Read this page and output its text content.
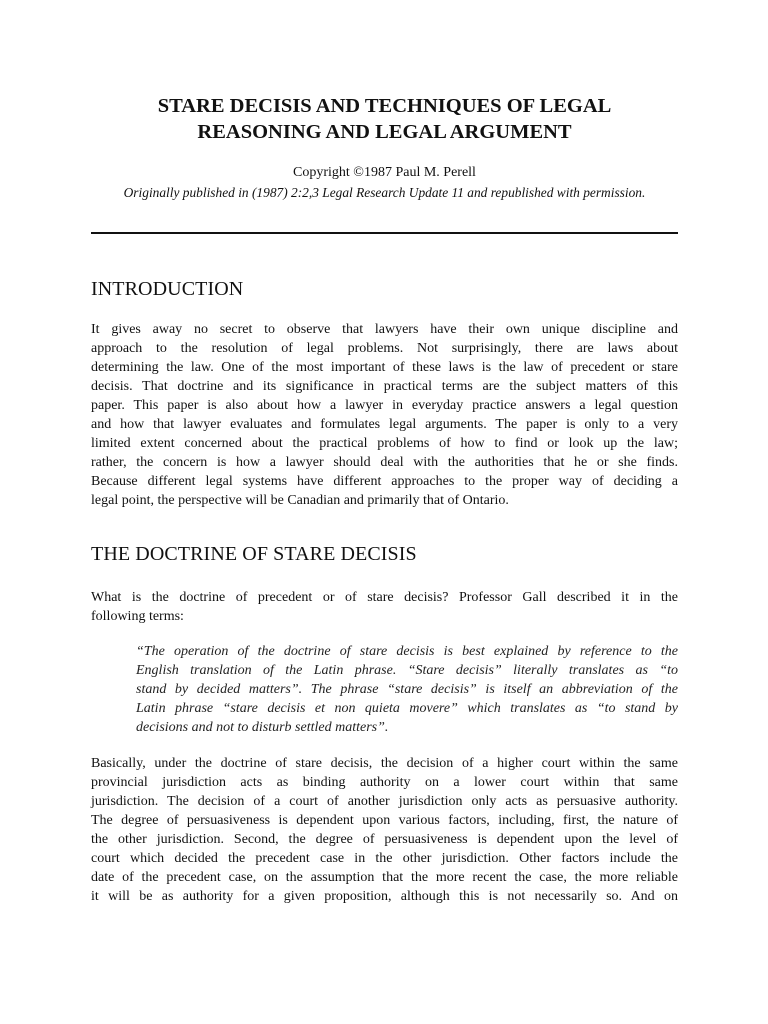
STARE DECISIS AND TECHNIQUES OF LEGAL
REASONING AND LEGAL ARGUMENT
Copyright ©1987 Paul M. Perell
Originally published in (1987) 2:2,3 Legal Research Update 11 and republished with permission.
INTRODUCTION

It gives away no secret to observe that lawyers have their own unique discipline and
approach to the resolution of legal problems. Not surprisingly, there are laws about
determining the law. One of the most important of these laws is the law of precedent or stare
decisis. That doctrine and its significance in practical terms are the subject matters of this
paper. This paper is also about how a lawyer in everyday practice answers a legal question
and how that lawyer evaluates and formulates legal arguments. The paper is only to a very
limited extent concerned about the practical problems of how to find or look up the law;
rather, the concern is how a lawyer should deal with the authorities that he or she finds.
Because different legal systems have different approaches to the proper way of deciding a
legal point, the perspective will be Canadian and primarily that of Ontario.

THE DOCTRINE OF STARE DECISIS

What is the doctrine of precedent or of stare decisis? Professor Gall described it in the
following terms:

“The operation of the doctrine of stare decisis is best explained by reference to the
English translation of the Latin phrase. “Stare decisis” literally translates as “to
stand by decided matters”. The phrase “stare decisis” is itself an abbreviation of the
Latin phrase “stare decisis et non quieta movere” which translates as “to stand by
decisions and not to disturb settled matters”.

Basically, under the doctrine of stare decisis, the decision of a higher court within the same
provincial jurisdiction acts as binding authority on a lower court within that same
jurisdiction. The decision of a court of another jurisdiction only acts as persuasive authority.
The degree of persuasiveness is dependent upon various factors, including, first, the nature of
the other jurisdiction. Second, the degree of persuasiveness is dependent upon the level of
court which decided the precedent case in the other jurisdiction. Other factors include the
date of the precedent case, on the assumption that the more recent the case, the more reliable
it will be as authority for a given proposition, although this is not necessarily so. And on
